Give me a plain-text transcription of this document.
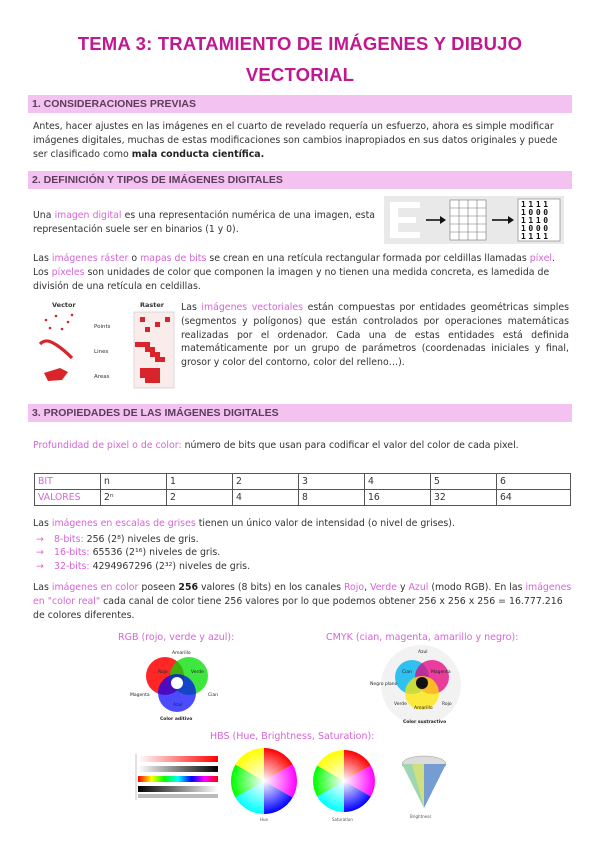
TEMA 3: TRATAMIENTO DE IMÁGENES Y DIBUJO
VECTORIAL
1. CONSIDERACIONES PREVIAS
Antes, hacer ajustes en las imágenes en el cuarto de revelado requería un esfuerzo, ahora es simple modificar imágenes digitales, muchas de estas modificaciones son cambios inapropiados en sus datos originales y puede ser clasificado como mala conducta científica.
2. DEFINICIÓN Y TIPOS DE IMÁGENES DIGITALES
Una imagen digital es una representación numérica de una imagen, esta representación suele ser en binarios (1 y 0).
1111
1000
1110
1000
1111
Las imágenes ráster o mapas de bits se crean en una retícula rectangular formada por celdillas llamadas píxel. Los píxeles son unidades de color que componen la imagen y no tienen una medida concreta, es lamedida de división de una retícula en celdillas.
Vector	Raster
Points
Lines
Areas
Las imágenes vectoriales están compuestas por entidades geométricas simples (segmentos y polígonos) que están controlados por operaciones matemáticas realizadas por el ordenador. Cada una de estas entidades está definida matemáticamente por un grupo de parámetros (coordenadas iniciales y final, grosor y color del contorno, color del relleno…).
3. PROPIEDADES DE LAS IMÁGENES DIGITALES
Profundidad de pixel o de color: número de bits que usan para codificar el valor del color de cada pixel.
BIT	n	1	2	3	4	5	6
VALORES	2ⁿ	2	4	8	16	32	64
Las imágenes en escalas de grises tienen un único valor de intensidad (o nivel de grises).
→ 8-bits: 256 (2⁸) niveles de gris.
→ 16-bits: 65536 (2¹⁶) niveles de gris.
→ 32-bits: 4294967296 (2³²) niveles de gris.
Las imágenes en color poseen 256 valores (8 bits) en los canales Rojo, Verde y Azul (modo RGB). En las imágenes en "color real" cada canal de color tiene 256 valores por lo que podemos obtener 256 x 256 x 256 = 16.777.216 de colores diferentes.
RGB (rojo, verde y azul):	CMYK (cian, magenta, amarillo y negro):
Amarillo
Rojo	Verde
Magenta	Cian
Azul
Color aditivo
Azul
Cian	Magenta
Negro plano
Verde
Amarillo
Rojo
Color sustractivo
HBS (Hue, Brightness, Saturation):
Hue	Saturation
Brightness
